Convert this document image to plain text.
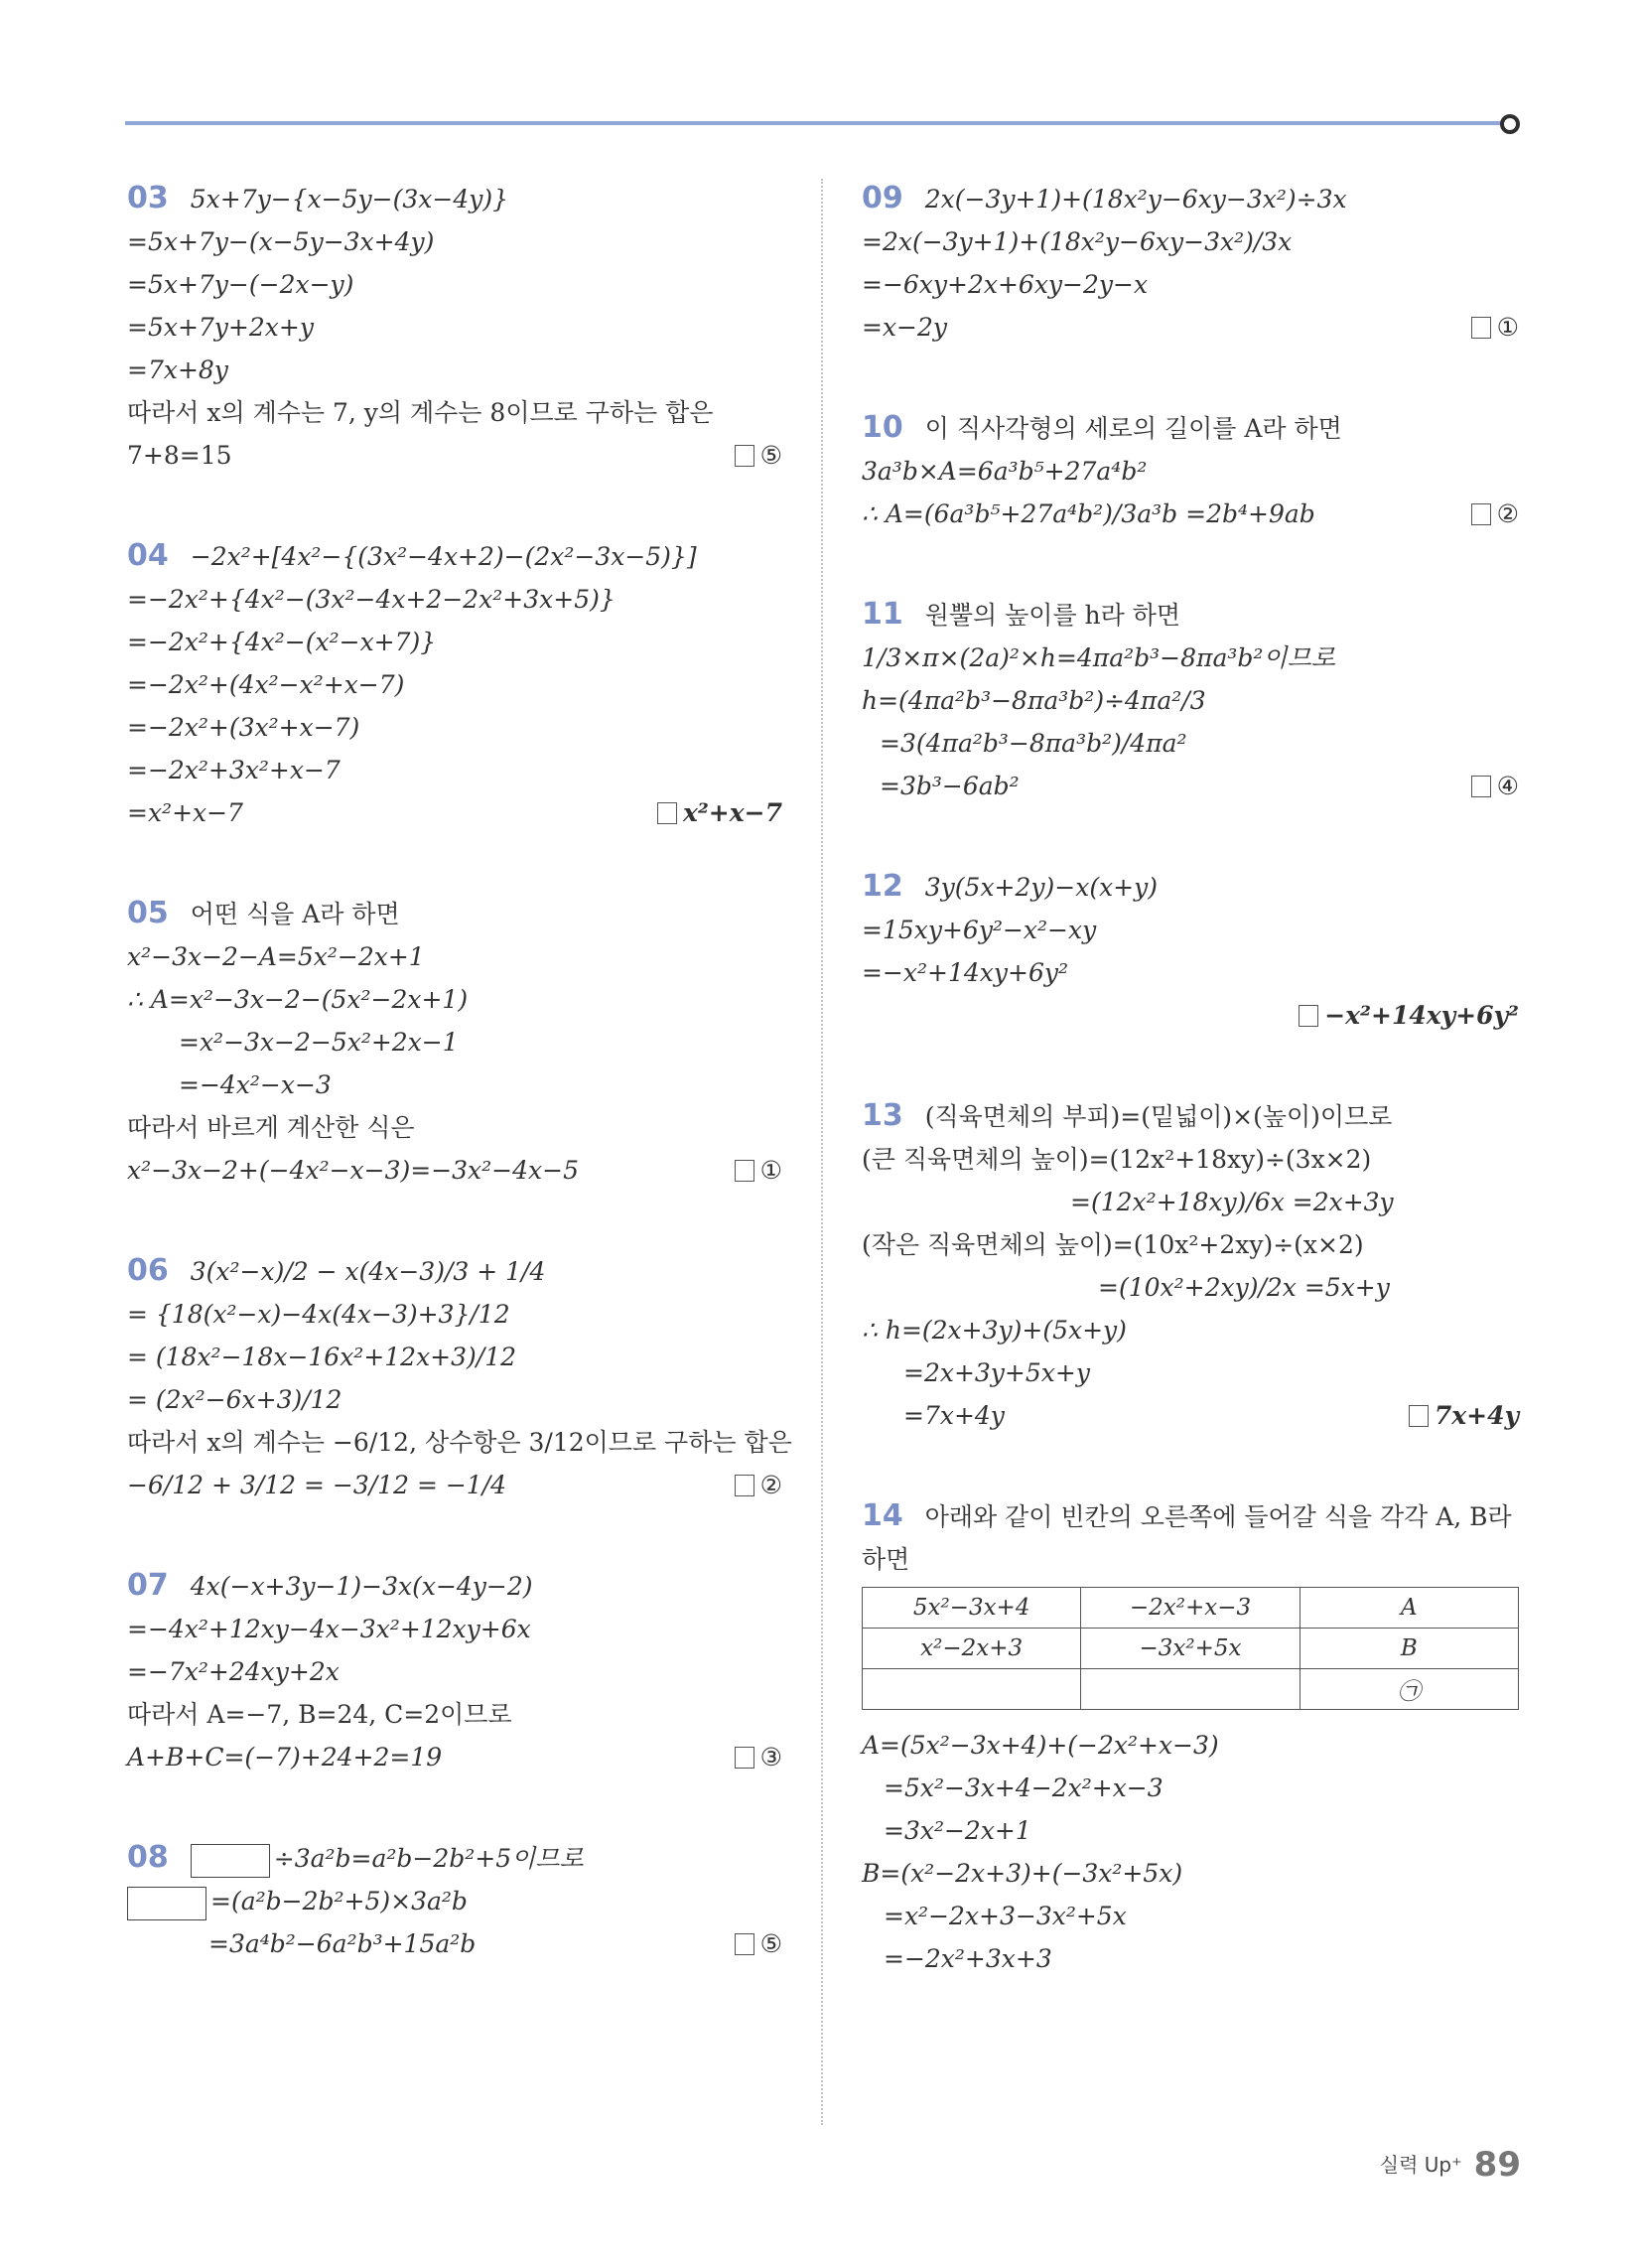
03 5x+7y−{x−5y−(3x−4y)}
=5x+7y−(x−5y−3x+4y)
=5x+7y−(−2x−y)
=5x+7y+2x+y
=7x+8y
따라서 x의 계수는 7, y의 계수는 8이므로 구하는 합은
7+8=15	⑤
04 −2x²+[4x²−{(3x²−4x+2)−(2x²−3x−5)}]
=−2x²+{4x²−(3x²−4x+2−2x²+3x+5)}
=−2x²+{4x²−(x²−x+7)}
=−2x²+(4x²−x²+x−7)
=−2x²+(3x²+x−7)
=−2x²+3x²+x−7
=x²+x−7	x²+x−7
05 어떤 식을 A라 하면
x²−3x−2−A=5x²−2x+1
∴ A=x²−3x−2−(5x²−2x+1)
=x²−3x−2−5x²+2x−1
=−4x²−x−3
따라서 바르게 계산한 식은
x²−3x−2+(−4x²−x−3)=−3x²−4x−5	①
06 3(x²−x)/2 − x(4x−3)/3 + 1/4
= {18(x²−x)−4x(4x−3)+3}/12
= (18x²−18x−16x²+12x+3)/12
= (2x²−6x+3)/12
따라서 x의 계수는 −6/12, 상수항은 3/12이므로 구하는 합은
−6/12 + 3/12 = −3/12 = −1/4	②
07 4x(−x+3y−1)−3x(x−4y−2)
=−4x²+12xy−4x−3x²+12xy+6x
=−7x²+24xy+2x
따라서 A=−7, B=24, C=2이므로
A+B+C=(−7)+24+2=19	③
08	÷3a²b=a²b−2b²+5이므로
=(a²b−2b²+5)×3a²b
=3a⁴b²−6a²b³+15a²b	⑤
09 2x(−3y+1)+(18x²y−6xy−3x²)÷3x
=2x(−3y+1)+(18x²y−6xy−3x²)/3x
=−6xy+2x+6xy−2y−x
=x−2y	①
10 이 직사각형의 세로의 길이를 A라 하면
3a³b×A=6a³b⁵+27a⁴b²
∴ A=(6a³b⁵+27a⁴b²)/3a³b =2b⁴+9ab	②
11 원뿔의 높이를 h라 하면
1/3×π×(2a)²×h=4πa²b³−8πa³b²이므로
h=(4πa²b³−8πa³b²)÷4πa²/3
=3(4πa²b³−8πa³b²)/4πa²
=3b³−6ab²	④
12 3y(5x+2y)−x(x+y)
=15xy+6y²−x²−xy
=−x²+14xy+6y²

−x²+14xy+6y²
13 (직육면체의 부피)=(밑넓이)×(높이)이므로
(큰 직육면체의 높이)=(12x²+18xy)÷(3x×2)
=(12x²+18xy)/6x =2x+3y
(작은 직육면체의 높이)=(10x²+2xy)÷(x×2)
=(10x²+2xy)/2x =5x+y
∴ h=(2x+3y)+(5x+y)
=2x+3y+5x+y
=7x+4y	7x+4y
14 아래와 같이 빈칸의 오른쪽에 들어갈 식을 각각 A, B라
하면
5x²−3x+4	−2x²+x−3	A
x²−2x+3	−3x²+5x	B
		㉠
A=(5x²−3x+4)+(−2x²+x−3)
=5x²−3x+4−2x²+x−3
=3x²−2x+1
B=(x²−2x+3)+(−3x²+5x)
=x²−2x+3−3x²+5x
=−2x²+3x+3
실력 Up⁺ 89
